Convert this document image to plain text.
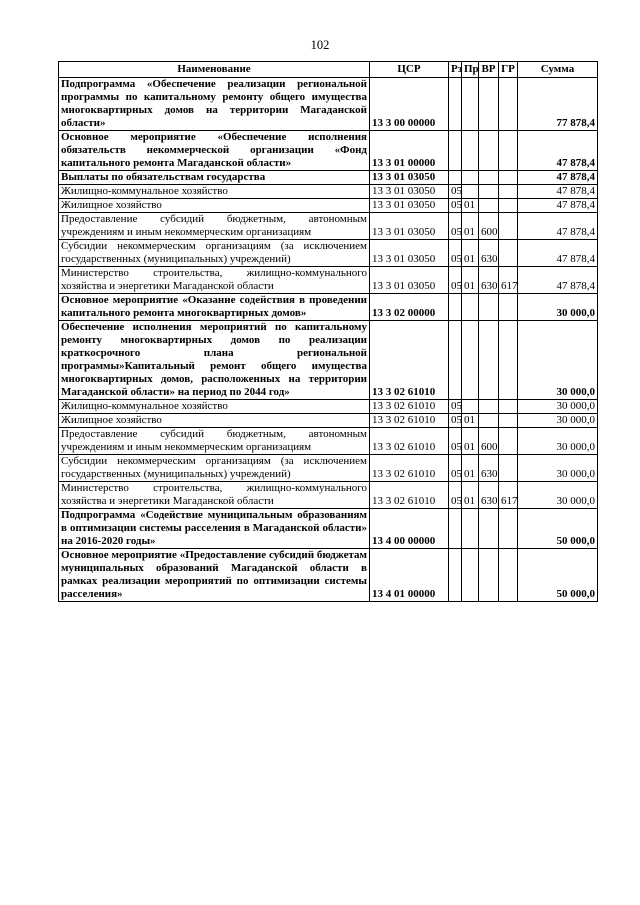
102
Наименование	ЦСР	Рз	Пр	ВР	ГР	Сумма
Подпрограмма «Обеспечение реализации региональной программы по капитальному ремонту общего имущества многоквартирных домов на территории Магаданской области»	13 3 00 00000					77 878,4
Основное мероприятие «Обеспечение исполнения обязательств некоммерческой организации «Фонд капитального ремонта Магаданской области»	13 3 01 00000					47 878,4
Выплаты по обязательствам государства	13 3 01 03050					47 878,4
Жилищно-коммунальное хозяйство	13 3 01 03050	05				47 878,4
Жилищное хозяйство	13 3 01 03050	05	01			47 878,4
Предоставление субсидий бюджетным, автономным учреждениям и иным некоммерческим организациям	13 3 01 03050	05	01	600		47 878,4
Субсидии некоммерческим организациям (за исключением государственных (муниципальных) учреждений)	13 3 01 03050	05	01	630		47 878,4
Министерство строительства, жилищно-коммунального хозяйства и энергетики Магаданской области	13 3 01 03050	05	01	630	617	47 878,4
Основное мероприятие «Оказание содействия в проведении капитального ремонта многоквартирных домов»	13 3 02 00000					30 000,0
Обеспечение исполнения мероприятий по капитальному ремонту многоквартирных домов по реализации краткосрочного плана региональной программы»Капитальный ремонт общего имущества многоквартирных домов, расположенных на территории Магаданской области» на период по 2044 год»	13 3 02 61010					30 000,0
Жилищно-коммунальное хозяйство	13 3 02 61010	05				30 000,0
Жилищное хозяйство	13 3 02 61010	05	01			30 000,0
Предоставление субсидий бюджетным, автономным учреждениям и иным некоммерческим организациям	13 3 02 61010	05	01	600		30 000,0
Субсидии некоммерческим организациям (за исключением государственных (муниципальных) учреждений)	13 3 02 61010	05	01	630		30 000,0
Министерство строительства, жилищно-коммунального хозяйства и энергетики Магаданской области	13 3 02 61010	05	01	630	617	30 000,0
Подпрограмма «Содействие муниципальным образованиям в оптимизации системы расселения в Магаданской области» на 2016-2020 годы»	13 4 00 00000					50 000,0
Основное мероприятие «Предоставление субсидий бюджетам муниципальных образований Магаданской области в рамках реализации мероприятий по оптимизации системы расселения»	13 4 01 00000					50 000,0
